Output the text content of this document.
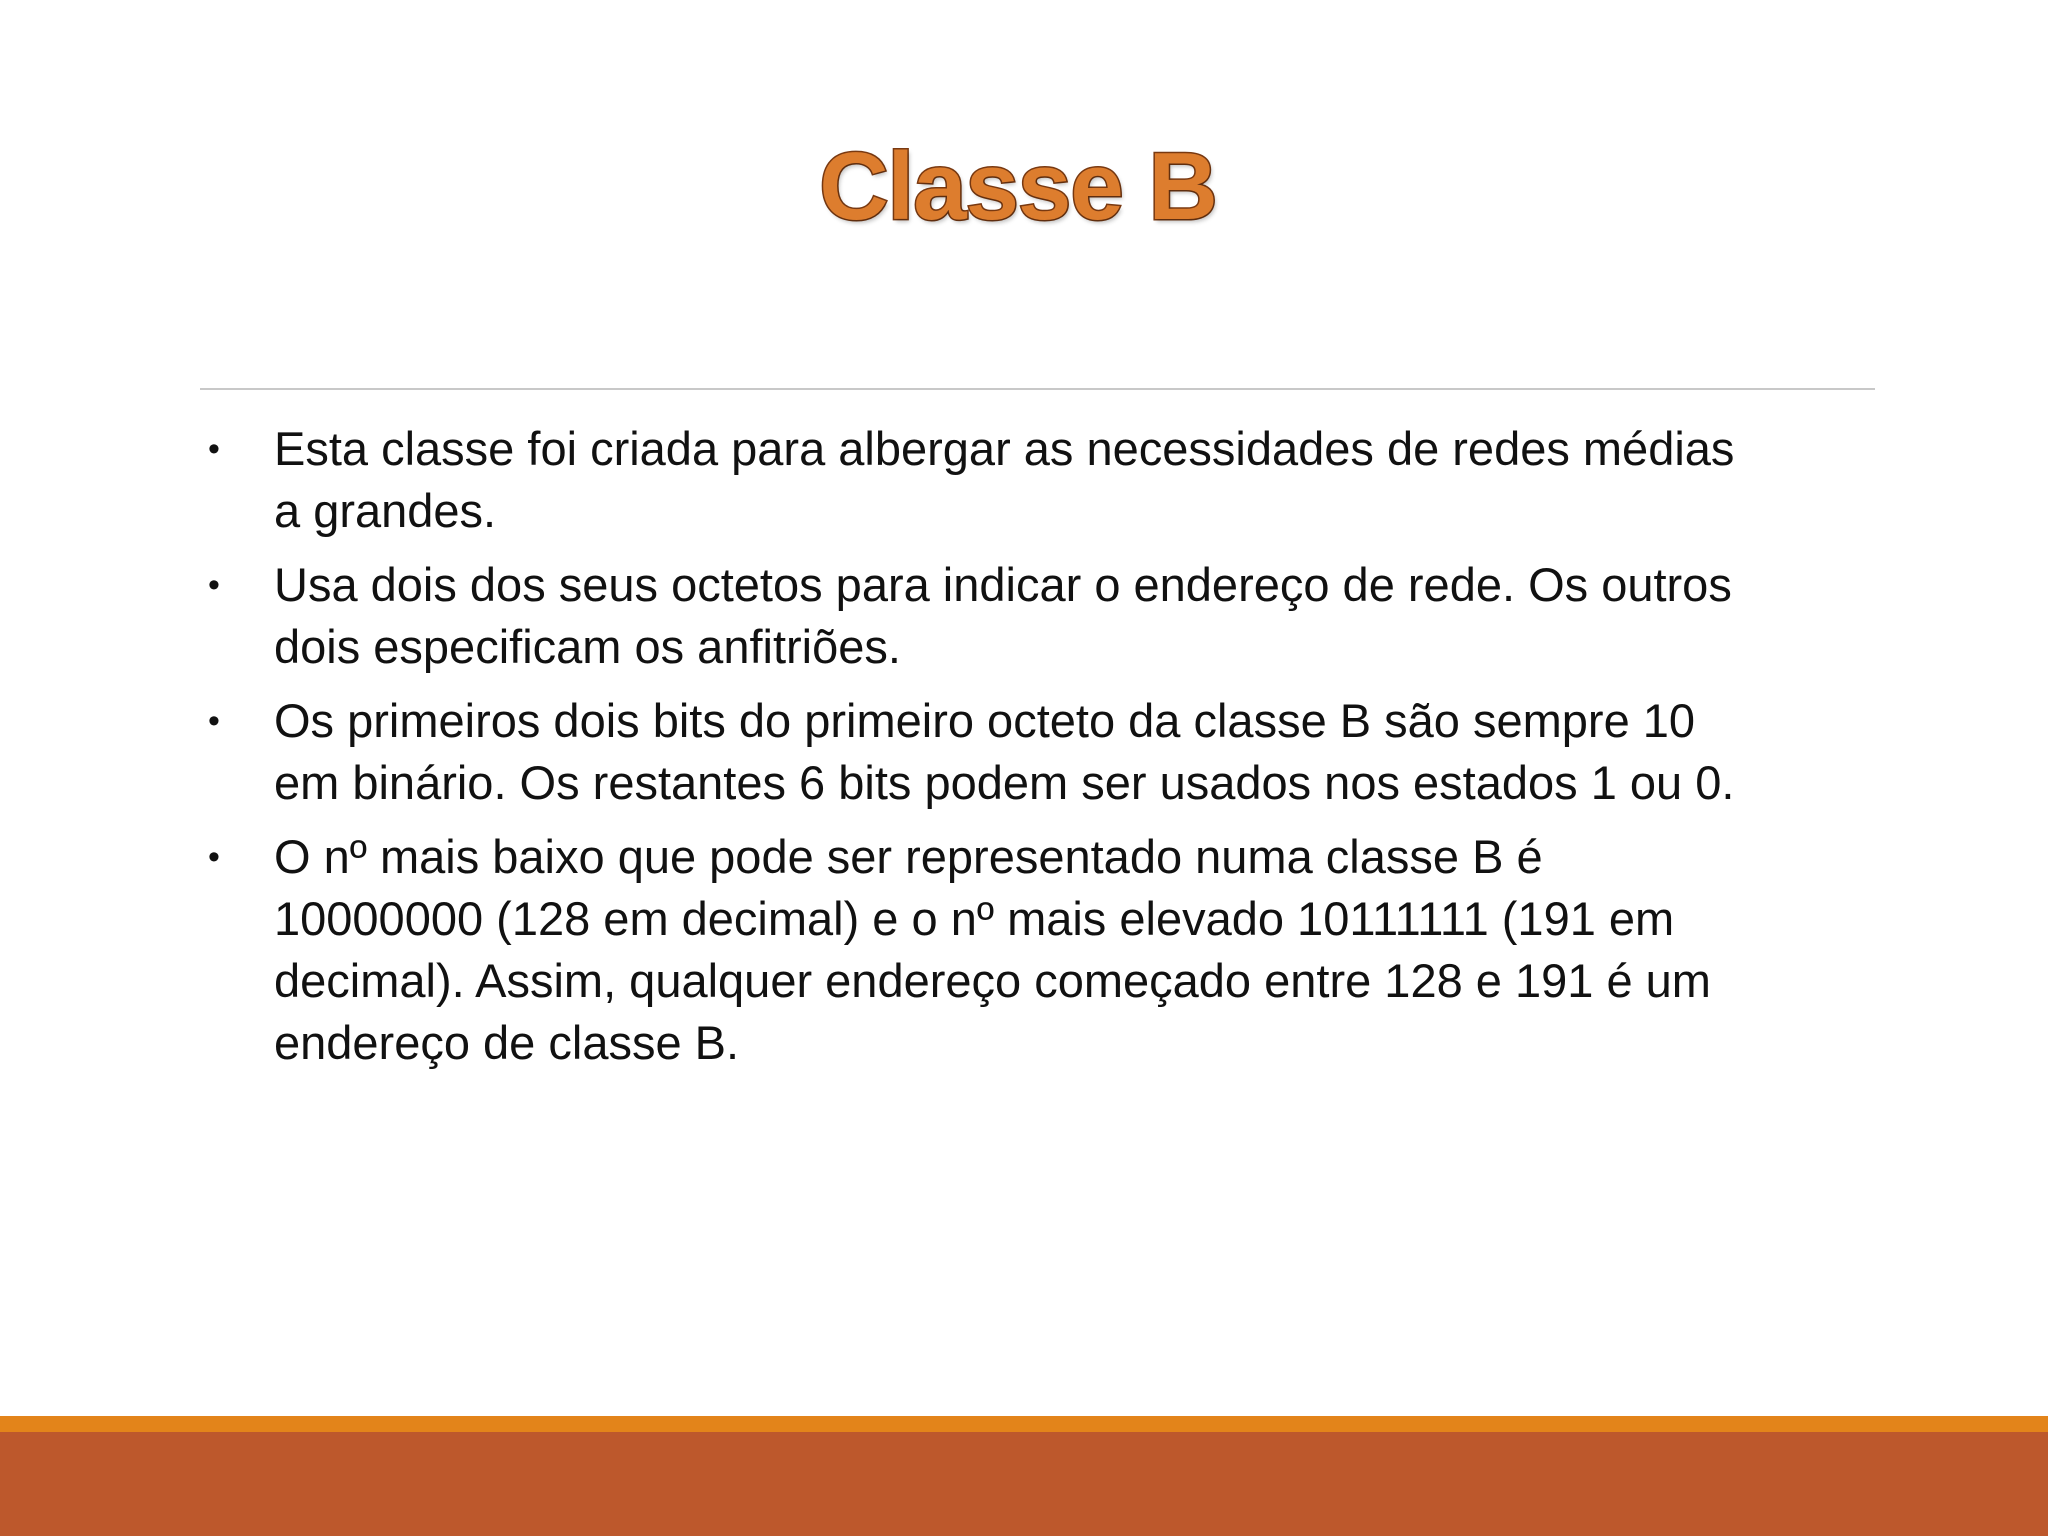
Classe B
• Esta classe foi criada para albergar as necessidades de redes médias a grandes.
• Usa dois dos seus octetos para indicar o endereço de rede. Os outros dois especificam os anfitriões.
• Os primeiros dois bits do primeiro octeto da classe B são sempre 10 em binário. Os restantes 6 bits podem ser usados nos estados 1 ou 0.
• O nº mais baixo que pode ser representado numa classe B é 10000000 (128 em decimal) e o nº mais elevado 10111111 (191 em decimal). Assim, qualquer endereço começado entre 128 e 191 é um endereço de classe B.
